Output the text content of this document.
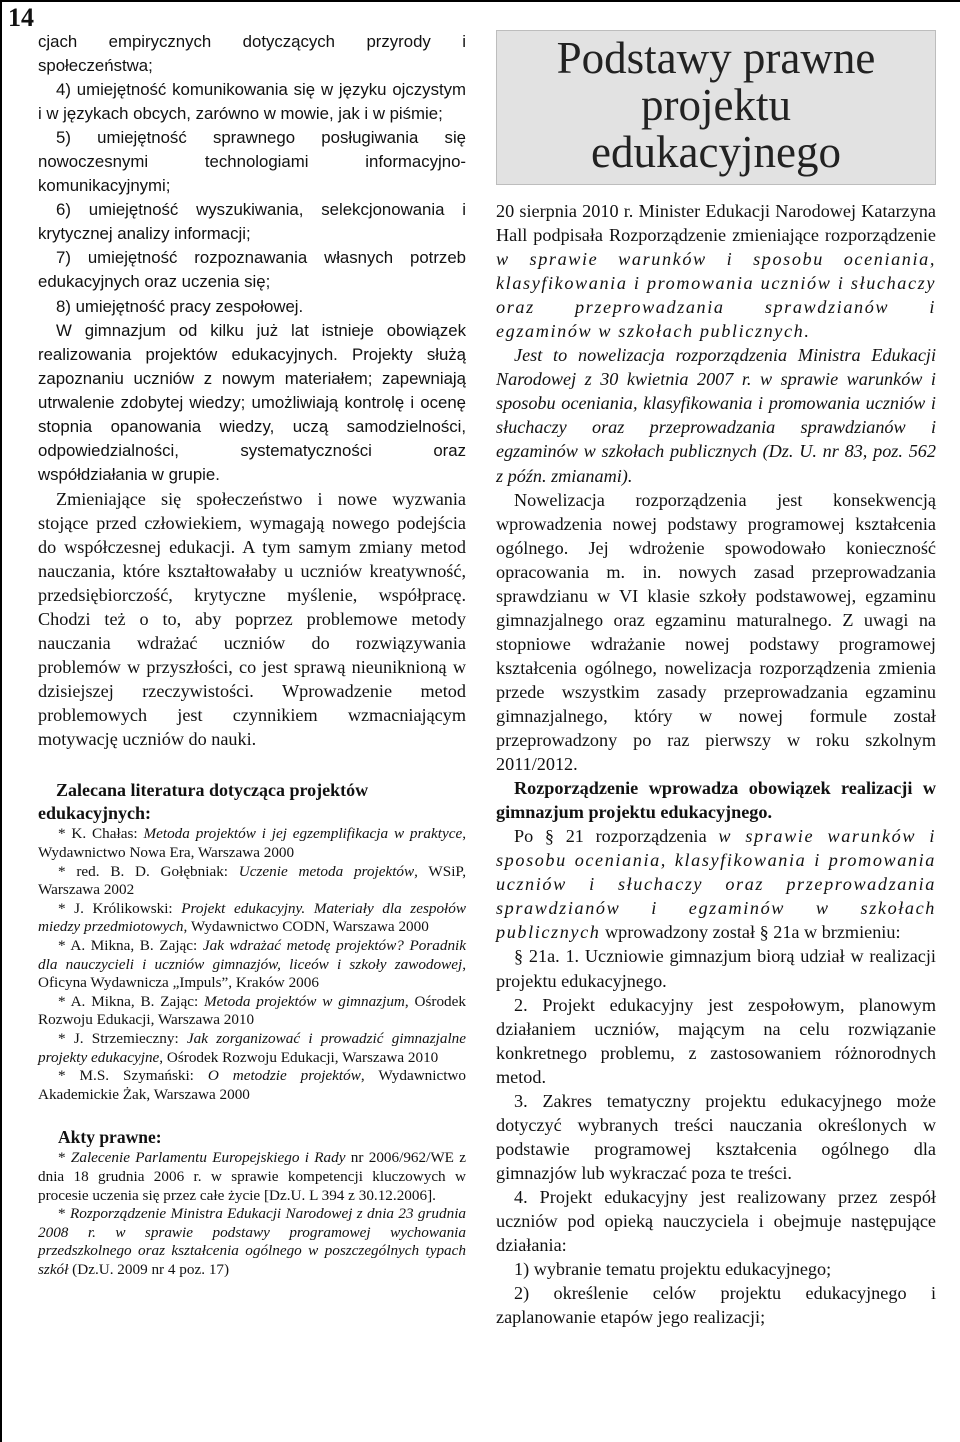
14

cjach empirycznych dotyczących przyrody i społeczeństwa;

4) umiejętność komunikowania się w języku ojczystym i w językach obcych, zarówno w mowie, jak i w piśmie;

5) umiejętność sprawnego posługiwania się nowoczesnymi technologiami informacyjno-komunikacyjnymi;

6) umiejętność wyszukiwania, selekcjonowania i krytycznej analizy informacji;

7) umiejętność rozpoznawania własnych potrzeb edukacyjnych oraz uczenia się;

8) umiejętność pracy zespołowej.

W gimnazjum od kilku już lat istnieje obowiązek realizowania projektów edukacyjnych. Projekty służą zapoznaniu uczniów z nowym materiałem; zapewniają utrwalenie zdobytej wiedzy; umożliwiają kontrolę i ocenę stopnia opanowania wiedzy, uczą samodzielności, odpowiedzialności, systematyczności oraz współdziałania w grupie.

Zmieniające się społeczeństwo i nowe wyzwania stojące przed człowiekiem, wymagają nowego podejścia do współczesnej edukacji. A tym samym zmiany metod nauczania, które kształtowałaby u uczniów kreatywność, przedsiębiorczość, krytyczne myślenie, współpracę. Chodzi też o to, aby poprzez problemowe metody nauczania wdrażać uczniów do rozwiązywania problemów w przyszłości, co jest sprawą nieuniknioną w dzisiejszej rzeczywistości. Wprowadzenie metod problemowych jest czynnikiem wzmacniającym motywację uczniów do nauki.

Zalecana literatura dotycząca projektów edukacyjnych:

* K. Chałas: Metoda projektów i jej egzemplifikacja w praktyce, Wydawnictwo Nowa Era, Warszawa 2000

* red. B. D. Gołębniak: Uczenie metoda projektów, WSiP, Warszawa 2002

* J. Królikowski: Projekt edukacyjny. Materiały dla zespołów miedzy przedmiotowych, Wydawnictwo CODN, Warszawa 2000

* A. Mikna, B. Zając: Jak wdrażać metodę projektów? Poradnik dla nauczycieli i uczniów gimnazjów, liceów i szkoły zawodowej, Oficyna Wydawnicza „Impuls”, Kraków 2006

* A. Mikna, B. Zając: Metoda projektów w gimnazjum, Ośrodek Rozwoju Edukacji, Warszawa 2010

* J. Strzemieczny: Jak zorganizować i prowadzić gimnazjalne projekty edukacyjne, Ośrodek Rozwoju Edukacji, Warszawa 2010

* M.S. Szymański: O metodzie projektów, Wydawnictwo Akademickie Żak, Warszawa 2000

Akty prawne:

* Zalecenie Parlamentu Europejskiego i Rady nr 2006/962/WE z dnia 18 grudnia 2006 r. w sprawie kompetencji kluczowych w procesie uczenia się przez całe życie [Dz.U. L 394 z 30.12.2006].

* Rozporządzenie Ministra Edukacji Narodowej z dnia 23 grudnia 2008 r. w sprawie podstawy programowej wychowania przedszkolnego oraz kształcenia ogólnego w poszczególnych typach szkół (Dz.U. 2009 nr 4 poz. 17)

Podstawy prawne
projektu
edukacyjnego

20 sierpnia 2010 r. Minister Edukacji Narodowej Katarzyna Hall podpisała Rozporządzenie zmieniające rozporządzenie w sprawie warunków i sposobu oceniania, klasyfikowania i promowania uczniów i słuchaczy oraz przeprowadzania sprawdzianów i egzaminów w szkołach publicznych.

Jest to nowelizacja rozporządzenia Ministra Edukacji Narodowej z 30 kwietnia 2007 r. w sprawie warunków i sposobu oceniania, klasyfikowania i promowania uczniów i słuchaczy oraz przeprowadzania sprawdzianów i egzaminów w szkołach publicznych (Dz. U. nr 83, poz. 562 z późn. zmianami).

Nowelizacja rozporządzenia jest konsekwencją wprowadzenia nowej podstawy programowej kształcenia ogólnego. Jej wdrożenie spowodowało konieczność opracowania m. in. nowych zasad przeprowadzania sprawdzianu w VI klasie szkoły podstawowej, egzaminu gimnazjalnego oraz egzaminu maturalnego. Z uwagi na stopniowe wdrażanie nowej podstawy programowej kształcenia ogólnego, nowelizacja rozporządzenia zmienia przede wszystkim zasady przeprowadzania egzaminu gimnazjalnego, który w nowej formule został przeprowadzony po raz pierwszy w roku szkolnym 2011/2012.

Rozporządzenie wprowadza obowiązek realizacji w gimnazjum projektu edukacyjnego.

Po § 21 rozporządzenia w sprawie warunków i sposobu oceniania, klasyfikowania i promowania uczniów i słuchaczy oraz przeprowadzania sprawdzianów i egzaminów w szkołach publicznych wprowadzony został § 21a w brzmieniu:

§ 21a. 1. Uczniowie gimnazjum biorą udział w realizacji projektu edukacyjnego.

2. Projekt edukacyjny jest zespołowym, planowym działaniem uczniów, mającym na celu rozwiązanie konkretnego problemu, z zastosowaniem różnorodnych metod.

3. Zakres tematyczny projektu edukacyjnego może dotyczyć wybranych treści nauczania określonych w podstawie programowej kształcenia ogólnego dla gimnazjów lub wykraczać poza te treści.

4. Projekt edukacyjny jest realizowany przez zespół uczniów pod opieką nauczyciela i obejmuje następujące działania:

1) wybranie tematu projektu edukacyjnego;

2) określenie celów projektu edukacyjnego i zaplanowanie etapów jego realizacji;
